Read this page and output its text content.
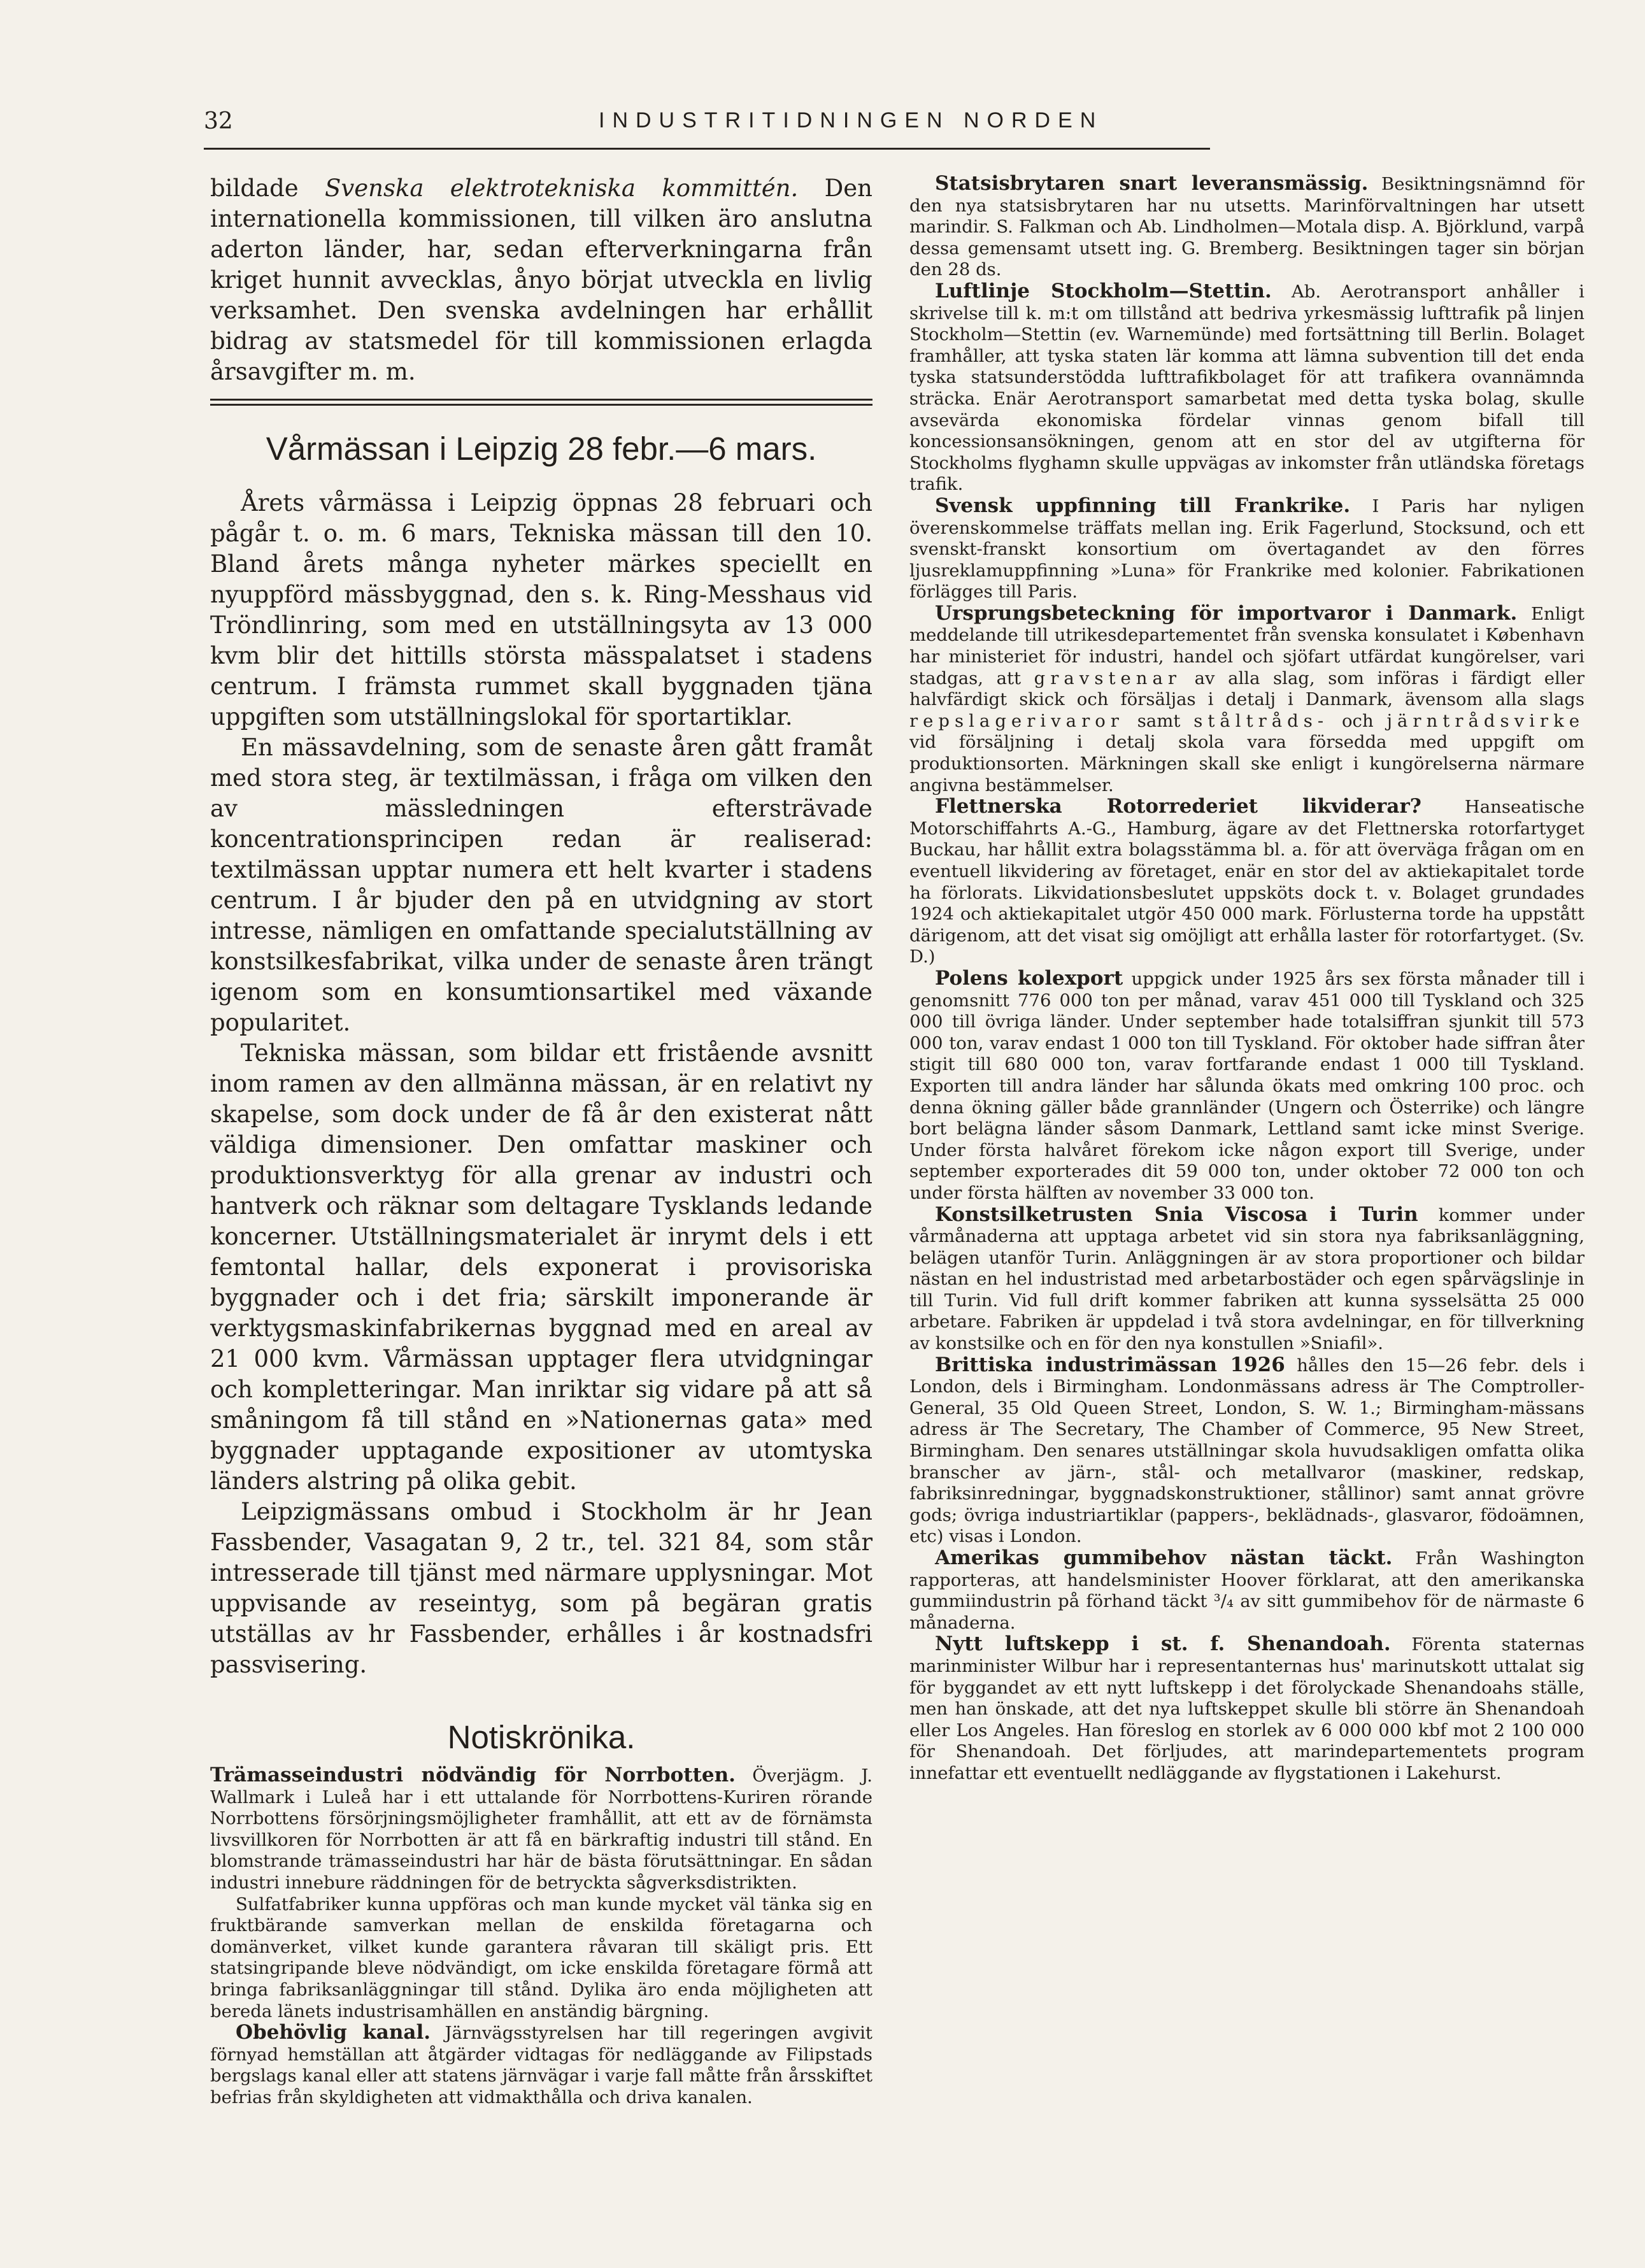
32	INDUSTRITIDNINGEN NORDEN

bildade Svenska elektrotekniska kommittén. Den internationella kommissionen, till vilken äro anslutna aderton länder, har, sedan efterverkningarna från kriget hunnit avvecklas, ånyo börjat utveckla en livlig verksamhet. Den svenska avdelningen har erhållit bidrag av statsmedel för till kommissionen erlagda årsavgifter m. m.

Vårmässan i Leipzig 28 febr.—6 mars.

Årets vårmässa i Leipzig öppnas 28 februari och pågår t. o. m. 6 mars, Tekniska mässan till den 10. Bland årets många nyheter märkes speciellt en nyuppförd mässbyggnad, den s. k. Ring-Messhaus vid Tröndlinring, som med en utställningsyta av 13 000 kvm blir det hittills största mässpalatset i stadens centrum. I främsta rummet skall byggnaden tjäna uppgiften som utställningslokal för sportartiklar.

En mässavdelning, som de senaste åren gått framåt med stora steg, är textilmässan, i fråga om vilken den av mässledningen eftersträvade koncentrationsprincipen redan är realiserad: textilmässan upptar numera ett helt kvarter i stadens centrum. I år bjuder den på en utvidgning av stort intresse, nämligen en omfattande specialutställning av konstsilkesfabrikat, vilka under de senaste åren trängt igenom som en konsumtionsartikel med växande popularitet.

Tekniska mässan, som bildar ett fristående avsnitt inom ramen av den allmänna mässan, är en relativt ny skapelse, som dock under de få år den existerat nått väldiga dimensioner. Den omfattar maskiner och produktionsverktyg för alla grenar av industri och hantverk och räknar som deltagare Tysklands ledande koncerner. Utställningsmaterialet är inrymt dels i ett femtontal hallar, dels exponerat i provisoriska byggnader och i det fria; särskilt imponerande är verktygsmaskinfabrikernas byggnad med en areal av 21 000 kvm. Vårmässan upptager flera utvidgningar och kompletteringar. Man inriktar sig vidare på att så småningom få till stånd en »Nationernas gata» med byggnader upptagande expositioner av utomtyska länders alstring på olika gebit.

Leipzigmässans ombud i Stockholm är hr Jean Fassbender, Vasagatan 9, 2 tr., tel. 321 84, som står intresserade till tjänst med närmare upplysningar. Mot uppvisande av reseintyg, som på begäran gratis utställas av hr Fassbender, erhålles i år kostnadsfri passvisering.

Notiskrönika.

Trämasseindustri nödvändig för Norrbotten. Överjägm. J. Wallmark i Luleå har i ett uttalande för Norrbottens-Kuriren rörande Norrbottens försörjningsmöjligheter framhållit, att ett av de förnämsta livsvillkoren för Norrbotten är att få en bärkraftig industri till stånd. En blomstrande trämasseindustri har här de bästa förutsättningar. En sådan industri innebure räddningen för de betryckta sågverksdistrikten.

Sulfatfabriker kunna uppföras och man kunde mycket väl tänka sig en fruktbärande samverkan mellan de enskilda företagarna och domänverket, vilket kunde garantera råvaran till skäligt pris. Ett statsingripande bleve nödvändigt, om icke enskilda företagare förmå att bringa fabriksanläggningar till stånd. Dylika äro enda möjligheten att bereda länets industrisamhällen en anständig bärgning.

Obehövlig kanal. Järnvägsstyrelsen har till regeringen avgivit förnyad hemställan att åtgärder vidtagas för nedläggande av Filipstads bergslags kanal eller att statens järnvägar i varje fall måtte från årsskiftet befrias från skyldigheten att vidmakthålla och driva kanalen.

Statsisbrytaren snart leveransmässig. Besiktningsnämnd för den nya statsisbrytaren har nu utsetts. Marinförvaltningen har utsett marindir. S. Falkman och Ab. Lindholmen—Motala disp. A. Björklund, varpå dessa gemensamt utsett ing. G. Bremberg. Besiktningen tager sin början den 28 ds.

Luftlinje Stockholm—Stettin. Ab. Aerotransport anhåller i skrivelse till k. m:t om tillstånd att bedriva yrkesmässig lufttrafik på linjen Stockholm—Stettin (ev. Warnemünde) med fortsättning till Berlin. Bolaget framhåller, att tyska staten lär komma att lämna subvention till det enda tyska statsunderstödda lufttrafikbolaget för att trafikera ovannämnda sträcka. Enär Aerotransport samarbetat med detta tyska bolag, skulle avsevärda ekonomiska fördelar vinnas genom bifall till koncessionsansökningen, genom att en stor del av utgifterna för Stockholms flyghamn skulle uppvägas av inkomster från utländska företags trafik.

Svensk uppfinning till Frankrike. I Paris har nyligen överenskommelse träffats mellan ing. Erik Fagerlund, Stocksund, och ett svenskt-franskt konsortium om övertagandet av den förres ljusreklamuppfinning »Luna» för Frankrike med kolonier. Fabrikationen förlägges till Paris.

Ursprungsbeteckning för importvaror i Danmark. Enligt meddelande till utrikesdepartementet från svenska konsulatet i København har ministeriet för industri, handel och sjöfart utfärdat kungörelser, vari stadgas, att gravstenar av alla slag, som införas i färdigt eller halvfärdigt skick och försäljas i detalj i Danmark, ävensom alla slags repslagerivaror samt ståltråds- och järntrådsvirke vid försäljning i detalj skola vara försedda med uppgift om produktionsorten. Märkningen skall ske enligt i kungörelserna närmare angivna bestämmelser.

Flettnerska Rotorrederiet likviderar? Hanseatische Motorschiffahrts A.-G., Hamburg, ägare av det Flettnerska rotorfartyget Buckau, har hållit extra bolagsstämma bl. a. för att överväga frågan om en eventuell likvidering av företaget, enär en stor del av aktiekapitalet torde ha förlorats. Likvidationsbeslutet uppsköts dock t. v. Bolaget grundades 1924 och aktiekapitalet utgör 450 000 mark. Förlusterna torde ha uppstått därigenom, att det visat sig omöjligt att erhålla laster för rotorfartyget. (Sv. D.)

Polens kolexport uppgick under 1925 års sex första månader till i genomsnitt 776 000 ton per månad, varav 451 000 till Tyskland och 325 000 till övriga länder. Under september hade totalsiffran sjunkit till 573 000 ton, varav endast 1 000 ton till Tyskland. För oktober hade siffran åter stigit till 680 000 ton, varav fortfarande endast 1 000 till Tyskland. Exporten till andra länder har sålunda ökats med omkring 100 proc. och denna ökning gäller både grannländer (Ungern och Österrike) och längre bort belägna länder såsom Danmark, Lettland samt icke minst Sverige. Under första halvåret förekom icke någon export till Sverige, under september exporterades dit 59 000 ton, under oktober 72 000 ton och under första hälften av november 33 000 ton.

Konstsilketrusten Snia Viscosa i Turin kommer under vårmånaderna att upptaga arbetet vid sin stora nya fabriksanläggning, belägen utanför Turin. Anläggningen är av stora proportioner och bildar nästan en hel industristad med arbetarbostäder och egen spårvägslinje in till Turin. Vid full drift kommer fabriken att kunna sysselsätta 25 000 arbetare. Fabriken är uppdelad i två stora avdelningar, en för tillverkning av konstsilke och en för den nya konstullen »Sniafil».

Brittiska industrimässan 1926 hålles den 15—26 febr. dels i London, dels i Birmingham. Londonmässans adress är The Comptroller-General, 35 Old Queen Street, London, S. W. 1.; Birmingham-mässans adress är The Secretary, The Chamber of Commerce, 95 New Street, Birmingham. Den senares utställningar skola huvudsakligen omfatta olika branscher av järn-, stål- och metallvaror (maskiner, redskap, fabriksinredningar, byggnadskonstruktioner, stållinor) samt annat grövre gods; övriga industriartiklar (pappers-, beklädnads-, glasvaror, födoämnen, etc) visas i London.

Amerikas gummibehov nästan täckt. Från Washington rapporteras, att handelsminister Hoover förklarat, att den amerikanska gummiindustrin på förhand täckt ³/₄ av sitt gummibehov för de närmaste 6 månaderna.

Nytt luftskepp i st. f. Shenandoah. Förenta staternas marinminister Wilbur har i representanternas hus' marinutskott uttalat sig för byggandet av ett nytt luftskepp i det förolyckade Shenandoahs ställe, men han önskade, att det nya luftskeppet skulle bli större än Shenandoah eller Los Angeles. Han föreslog en storlek av 6 000 000 kbf mot 2 100 000 för Shenandoah. Det förljudes, att marindepartementets program innefattar ett eventuellt nedläggande av flygstationen i Lakehurst.
